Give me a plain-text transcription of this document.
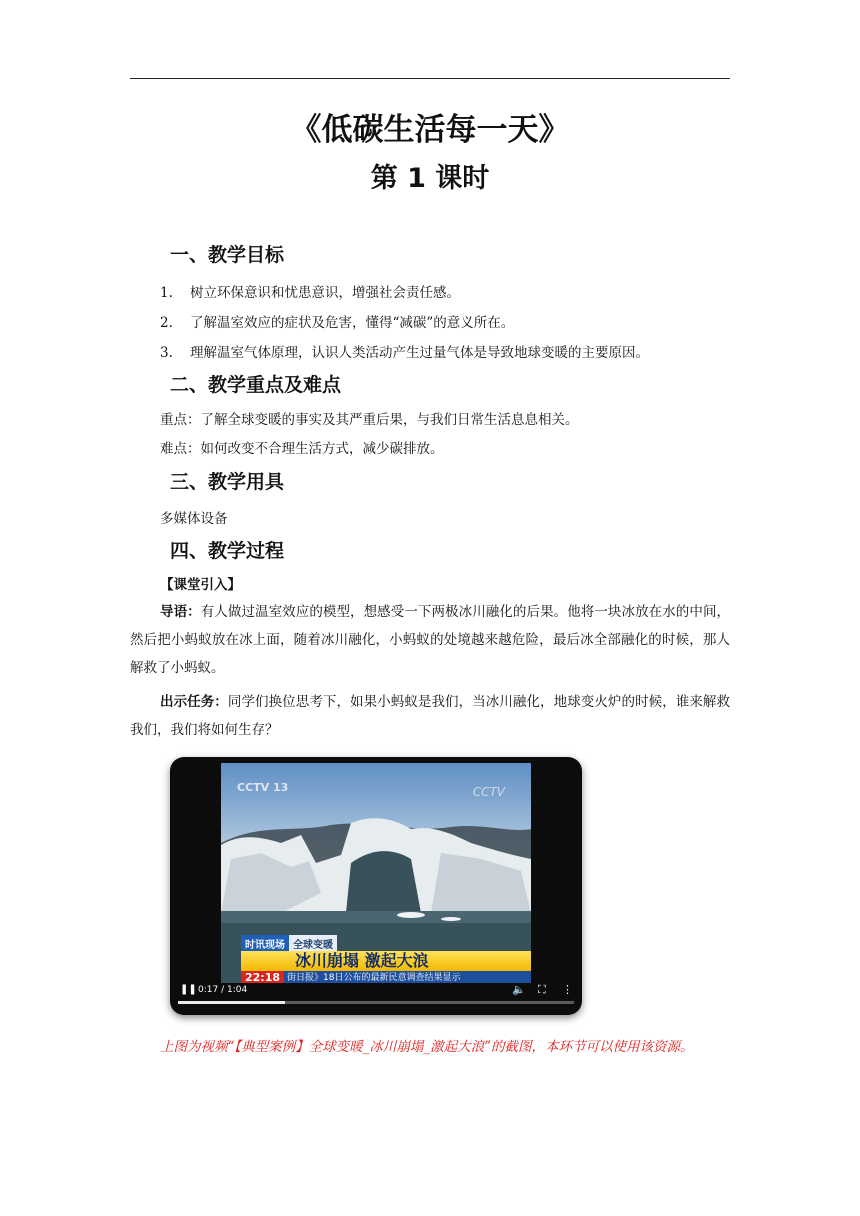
《低碳生活每一天》
第 1 课时
一、教学目标
1. 树立环保意识和忧患意识，增强社会责任感。
2. 了解温室效应的症状及危害，懂得“减碳”的意义所在。
3. 理解温室气体原理，认识人类活动产生过量气体是导致地球变暖的主要原因。
二、教学重点及难点
重点：了解全球变暖的事实及其严重后果，与我们日常生活息息相关。
难点：如何改变不合理生活方式，减少碳排放。
三、教学用具
多媒体设备
四、教学过程
【课堂引入】
导语：有人做过温室效应的模型，想感受一下两极冰川融化的后果。他将一块冰放在水的中间，然后把小蚂蚁放在冰上面，随着冰川融化，小蚂蚁的处境越来越危险，最后冰全部融化的时候，那人解救了小蚂蚁。
出示任务：同学们换位思考下，如果小蚂蚁是我们，当冰川融化，地球变火炉的时候，谁来解救我们，我们将如何生存？
CCTV 13	CCTV
时讯现场 全球变暖
冰川崩塌 激起大浪
22:18 街日报》18日公布的最新民意调查结果显示
❚❚ 0:17 / 1:04	🔈 ⛶ ⋮
上图为视频“【典型案例】全球变暖_冰川崩塌_激起大浪”的截图，本环节可以使用该资源。
